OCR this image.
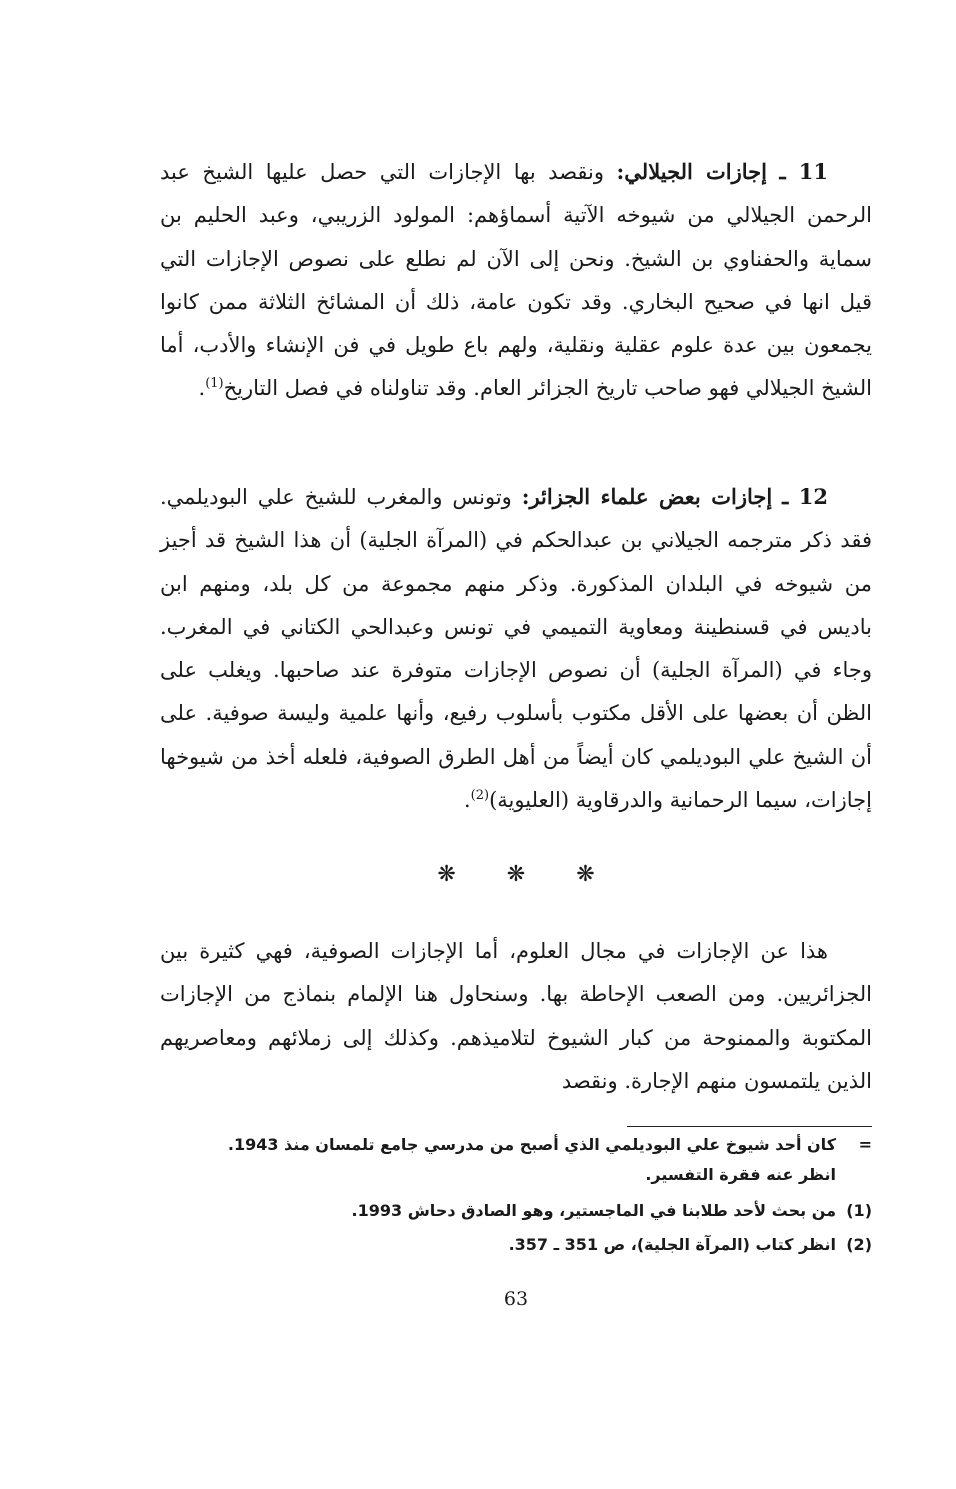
11 ـ إجازات الجيلالي: ونقصد بها الإجازات التي حصل عليها الشيخ عبد الرحمن الجيلالي من شيوخه الآتية أسماؤهم: المولود الزريبي، وعبد الحليم بن سماية والحفناوي بن الشيخ. ونحن إلى الآن لم نطلع على نصوص الإجازات التي قيل انها في صحيح البخاري. وقد تكون عامة، ذلك أن المشائخ الثلاثة ممن كانوا يجمعون بين عدة علوم عقلية ونقلية، ولهم باع طويل في فن الإنشاء والأدب، أما الشيخ الجيلالي فهو صاحب تاريخ الجزائر العام. وقد تناولناه في فصل التاريخ$^{(1)}$.

12 ـ إجازات بعض علماء الجزائر: وتونس والمغرب للشيخ علي البوديلمي. فقد ذكر مترجمه الجيلاني بن عبدالحكم في (المرآة الجلية) أن هذا الشيخ قد أجيز من شيوخه في البلدان المذكورة. وذكر منهم مجموعة من كل بلد، ومنهم ابن باديس في قسنطينة ومعاوية التميمي في تونس وعبدالحي الكتاني في المغرب. وجاء في (المرآة الجلية) أن نصوص الإجازات متوفرة عند صاحبها. ويغلب على الظن أن بعضها على الأقل مكتوب بأسلوب رفيع، وأنها علمية وليسة صوفية. على أن الشيخ علي البوديلمي كان أيضاً من أهل الطرق الصوفية، فلعله أخذ من شيوخها إجازات، سيما الرحمانية والدرقاوية (العليوية)$^{(2)}$.

❋ ❋ ❋

هذا عن الإجازات في مجال العلوم، أما الإجازات الصوفية، فهي كثيرة بين الجزائريين. ومن الصعب الإحاطة بها. وسنحاول هنا الإلمام بنماذج من الإجازات المكتوبة والممنوحة من كبار الشيوخ لتلاميذهم. وكذلك إلى زملائهم ومعاصريهم الذين يلتمسون منهم الإجارة. ونقصد

=
كان أحد شيوخ علي البوديلمي الذي أصبح من مدرسي جامع تلمسان منذ 1943.
انظر عنه فقرة التفسير.
(1)
من بحث لأحد طلابنا في الماجستير، وهو الصادق دحاش 1993.
(2)
انظر كتاب (المرآة الجلية)، ص 351 ـ 357.
63
